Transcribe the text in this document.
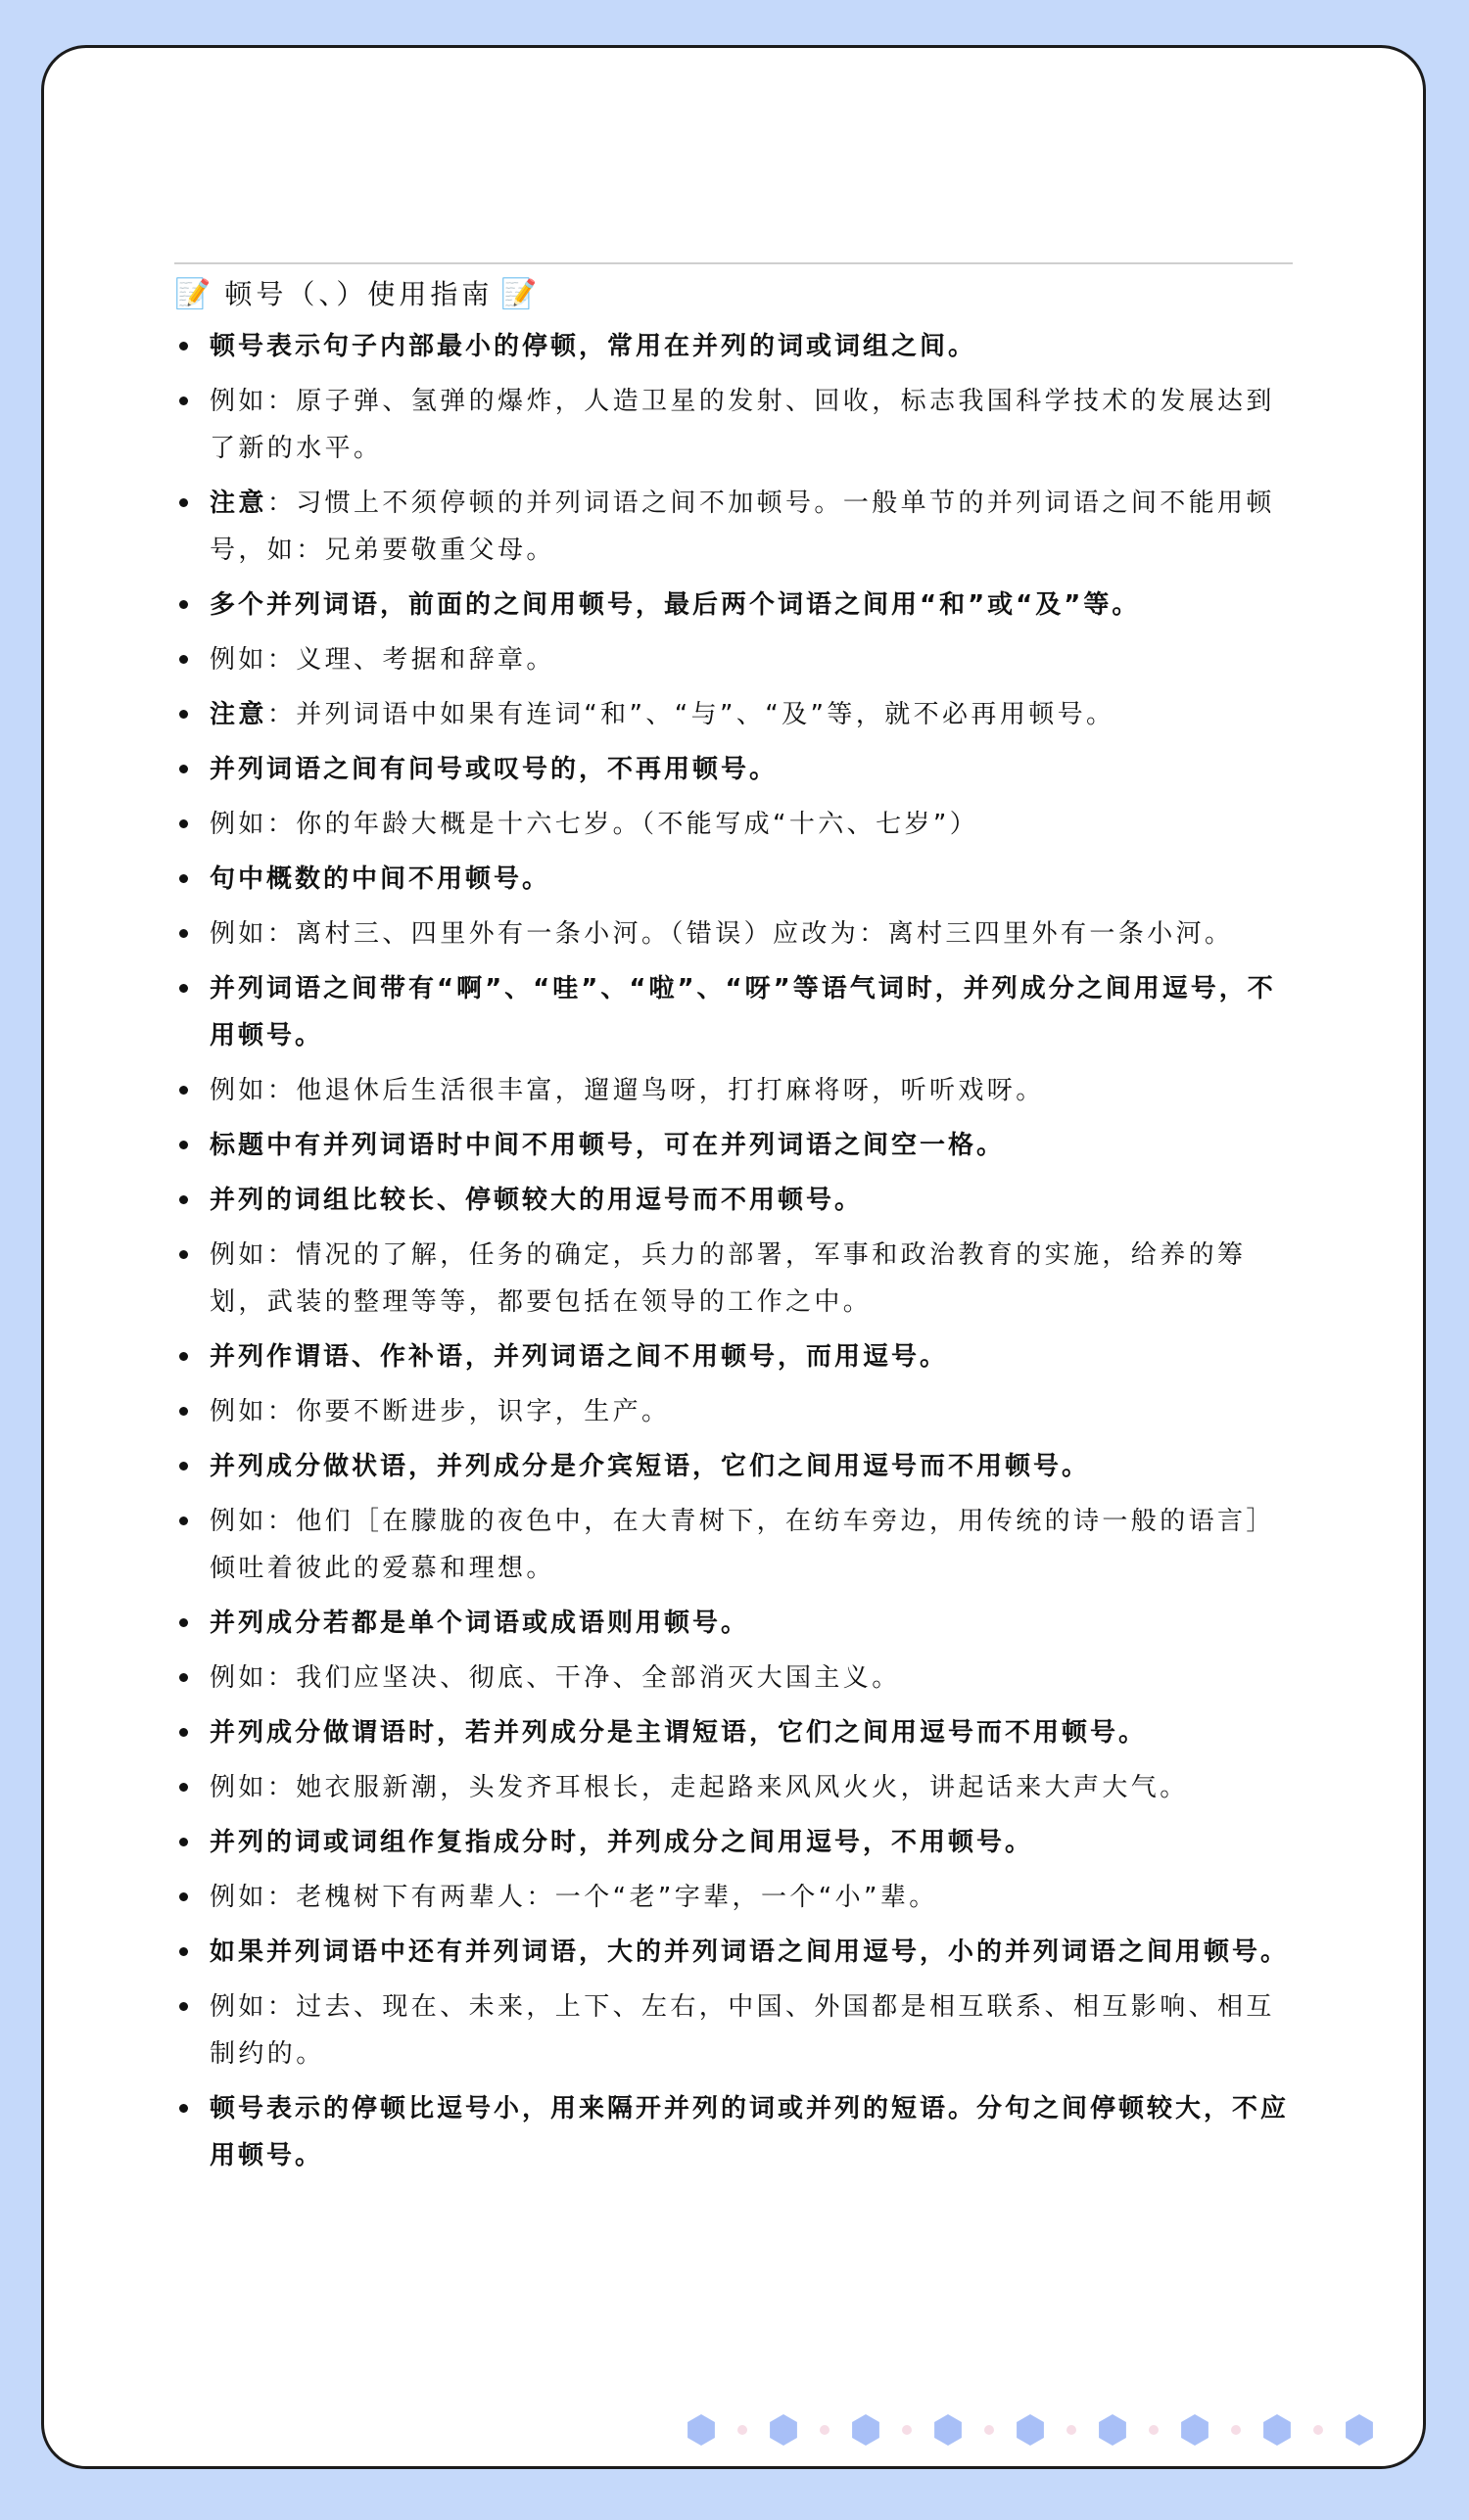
📝 顿号（、）使用指南 📝
顿号表示句子内部最小的停顿，常用在并列的词或词组之间。
例如：原子弹、氢弹的爆炸，人造卫星的发射、回收，标志我国科学技术的发展达到了新的水平。
注意：习惯上不须停顿的并列词语之间不加顿号。一般单节的并列词语之间不能用顿号，如：兄弟要敬重父母。
多个并列词语，前面的之间用顿号，最后两个词语之间用“和”或“及”等。
例如：义理、考据和辞章。
注意：并列词语中如果有连词“和”、“与”、“及”等，就不必再用顿号。
并列词语之间有问号或叹号的，不再用顿号。
例如：你的年龄大概是十六七岁。（不能写成“十六、七岁”）
句中概数的中间不用顿号。
例如：离村三、四里外有一条小河。（错误）应改为：离村三四里外有一条小河。
并列词语之间带有“啊”、“哇”、“啦”、“呀”等语气词时，并列成分之间用逗号，不用顿号。
例如：他退休后生活很丰富，遛遛鸟呀，打打麻将呀，听听戏呀。
标题中有并列词语时中间不用顿号，可在并列词语之间空一格。
并列的词组比较长、停顿较大的用逗号而不用顿号。
例如：情况的了解，任务的确定，兵力的部署，军事和政治教育的实施，给养的筹划，武装的整理等等，都要包括在领导的工作之中。
并列作谓语、作补语，并列词语之间不用顿号，而用逗号。
例如：你要不断进步，识字，生产。
并列成分做状语，并列成分是介宾短语，它们之间用逗号而不用顿号。
例如：他们［在朦胧的夜色中，在大青树下，在纺车旁边，用传统的诗一般的语言］倾吐着彼此的爱慕和理想。
并列成分若都是单个词语或成语则用顿号。
例如：我们应坚决、彻底、干净、全部消灭大国主义。
并列成分做谓语时，若并列成分是主谓短语，它们之间用逗号而不用顿号。
例如：她衣服新潮，头发齐耳根长，走起路来风风火火，讲起话来大声大气。
并列的词或词组作复指成分时，并列成分之间用逗号，不用顿号。
例如：老槐树下有两辈人：一个“老”字辈，一个“小”辈。
如果并列词语中还有并列词语，大的并列词语之间用逗号，小的并列词语之间用顿号。
例如：过去、现在、未来，上下、左右，中国、外国都是相互联系、相互影响、相互制约的。
顿号表示的停顿比逗号小，用来隔开并列的词或并列的短语。分句之间停顿较大，不应用顿号。
